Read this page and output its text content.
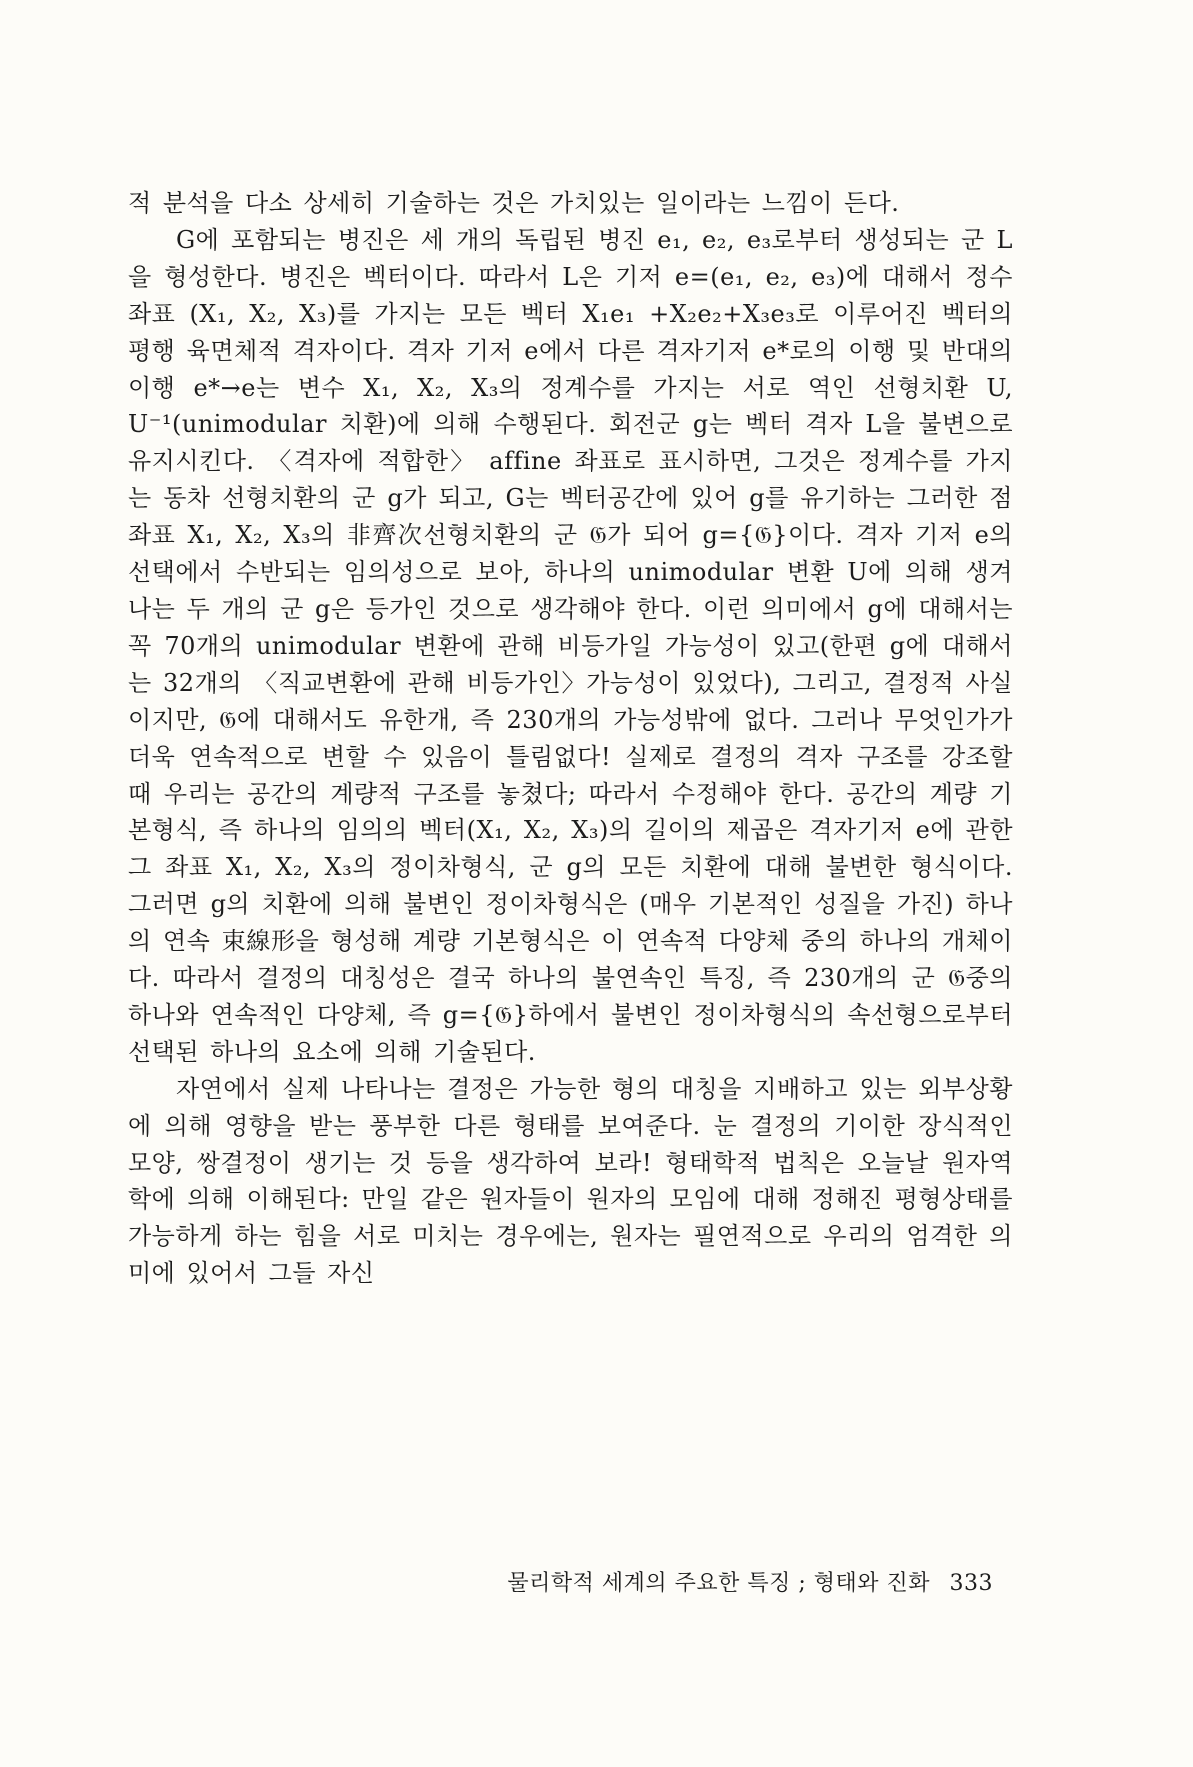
적 분석을 다소 상세히 기술하는 것은 가치있는 일이라는 느낌이 든다.

G에 포함되는 병진은 세 개의 독립된 병진 e₁, e₂, e₃로부터 생성되는 군 L을 형성한다. 병진은 벡터이다. 따라서 L은 기저 e=(e₁, e₂, e₃)에 대해서 정수좌표 (X₁, X₂, X₃)를 가지는 모든 벡터 X₁e₁ +X₂e₂+X₃e₃로 이루어진 벡터의 평행 육면체적 격자이다. 격자 기저 e에서 다른 격자기저 e*로의 이행 및 반대의 이행 e*→e는 변수 X₁, X₂, X₃의 정계수를 가지는 서로 역인 선형치환 U, U⁻¹(unimodular 치환)에 의해 수행된다. 회전군 g는 벡터 격자 L을 불변으로 유지시킨다. 〈격자에 적합한〉 affine 좌표로 표시하면, 그것은 정계수를 가지는 동차 선형치환의 군 g가 되고, G는 벡터공간에 있어 g를 유기하는 그러한 점좌표 X₁, X₂, X₃의 非齊次선형치환의 군 𝔊가 되어 g={𝔊}이다. 격자 기저 e의 선택에서 수반되는 임의성으로 보아, 하나의 unimodular 변환 U에 의해 생겨나는 두 개의 군 g은 등가인 것으로 생각해야 한다. 이런 의미에서 g에 대해서는 꼭 70개의 unimodular 변환에 관해 비등가일 가능성이 있고(한편 g에 대해서는 32개의 〈직교변환에 관해 비등가인〉가능성이 있었다), 그리고, 결정적 사실이지만, 𝔊에 대해서도 유한개, 즉 230개의 가능성밖에 없다. 그러나 무엇인가가 더욱 연속적으로 변할 수 있음이 틀림없다! 실제로 결정의 격자 구조를 강조할 때 우리는 공간의 계량적 구조를 놓쳤다; 따라서 수정해야 한다. 공간의 계량 기본형식, 즉 하나의 임의의 벡터(X₁, X₂, X₃)의 길이의 제곱은 격자기저 e에 관한 그 좌표 X₁, X₂, X₃의 정이차형식, 군 g의 모든 치환에 대해 불변한 형식이다. 그러면 g의 치환에 의해 불변인 정이차형식은 (매우 기본적인 성질을 가진) 하나의 연속 束線形을 형성해 계량 기본형식은 이 연속적 다양체 중의 하나의 개체이다. 따라서 결정의 대칭성은 결국 하나의 불연속인 특징, 즉 230개의 군 𝔊중의 하나와 연속적인 다양체, 즉 g={𝔊}하에서 불변인 정이차형식의 속선형으로부터 선택된 하나의 요소에 의해 기술된다.

자연에서 실제 나타나는 결정은 가능한 형의 대칭을 지배하고 있는 외부상황에 의해 영향을 받는 풍부한 다른 형태를 보여준다. 눈 결정의 기이한 장식적인 모양, 쌍결정이 생기는 것 등을 생각하여 보라! 형태학적 법칙은 오늘날 원자역학에 의해 이해된다: 만일 같은 원자들이 원자의 모임에 대해 정해진 평형상태를 가능하게 하는 힘을 서로 미치는 경우에는, 원자는 필연적으로 우리의 엄격한 의미에 있어서 그들 자신

물리학적 세계의 주요한 특징 ; 형태와 진화 333
